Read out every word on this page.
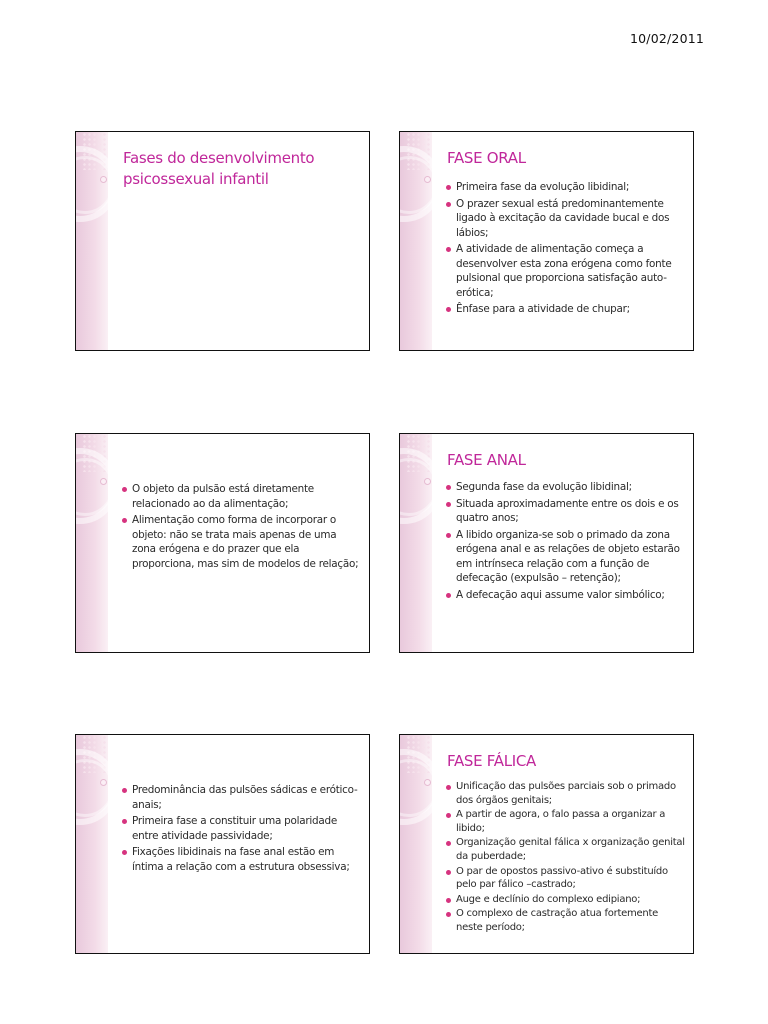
10/02/2011
Fases do desenvolvimento
psicossexual infantil
FASE ORAL
Primeira fase da evolução libidinal;
O prazer sexual está predominantemente ligado à excitação da cavidade bucal e dos lábios;
A atividade de alimentação começa a desenvolver esta zona erógena como fonte pulsional que proporciona satisfação auto-erótica;
Ênfase para a atividade de chupar;
O objeto da pulsão está diretamente relacionado ao da alimentação;
Alimentação como forma de incorporar o objeto: não se trata mais apenas de uma zona erógena e do prazer que ela proporciona, mas sim de modelos de relação;
FASE ANAL
Segunda fase da evolução libidinal;
Situada aproximadamente entre os dois e os quatro anos;
A libido organiza-se sob o primado da zona erógena anal e as relações de objeto estarão em intrínseca relação com a função de defecação (expulsão – retenção);
A defecação aqui assume valor simbólico;
Predominância das pulsões sádicas e erótico-anais;
Primeira fase a constituir uma polaridade entre atividade passividade;
Fixações libidinais na fase anal estão em íntima a relação com a estrutura obsessiva;
FASE FÁLICA
Unificação das pulsões parciais sob o primado dos órgãos genitais;
A partir de agora, o falo passa a organizar a libido;
Organização genital fálica x organização genital da puberdade;
O par de opostos passivo-ativo é substituído pelo par fálico –castrado;
Auge e declínio do complexo edipiano;
O complexo de castração atua fortemente neste período;
